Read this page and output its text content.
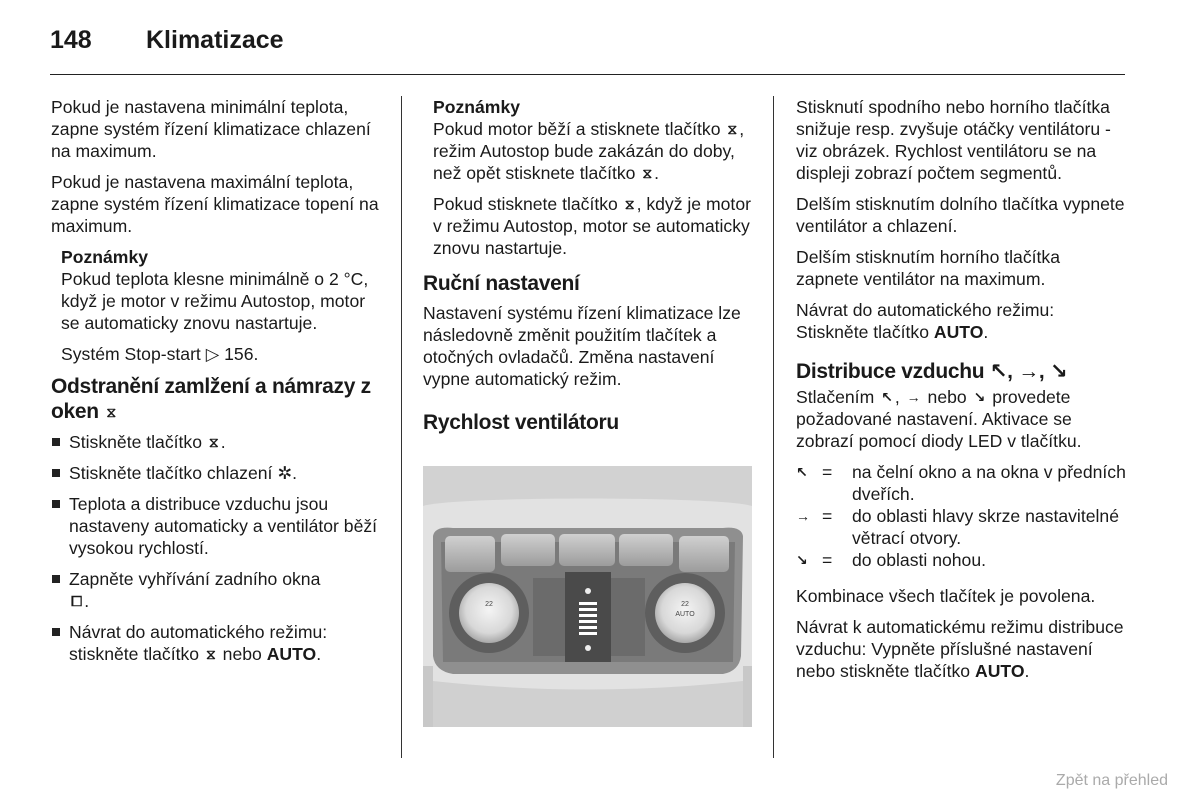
148 Klimatizace

Pokud je nastavena minimální teplota, zapne systém řízení klimatizace chlazení na maximum.

Pokud je nastavena maximální teplota, zapne systém řízení klimatizace topení na maximum.

Poznámky

Pokud teplota klesne minimálně o 2 °C, když je motor v režimu Autostop, motor se automaticky znovu nastartuje.

Systém Stop-start ▷ 156.

Odstranění zamlžení a námrazy z oken ⧖
Stiskněte tlačítko ⧖ .
Stiskněte tlačítko chlazení ✲.
Teplota a distribuce vzduchu jsou nastaveny automaticky a ventilátor běží vysokou rychlostí.
Zapněte vyhřívání zadního okna
⧠ .
Návrat do automatického režimu: stiskněte tlačítko ⧖ nebo AUTO.
Poznámky

Pokud motor běží a stisknete tlačítko ⧖ , režim Autostop bude zakázán do doby, než opět stisknete tlačítko ⧖ .

Pokud stisknete tlačítko ⧖ , když je motor v režimu Autostop, motor se automaticky znovu nastartuje.

Ruční nastavení

Nastavení systému řízení klimatizace lze následovně změnit použitím tlačítek a otočných ovladačů. Změna nastavení vypne automatický režim.

Rychlost ventilátoru
22	22
AUTO

Stisknutí spodního nebo horního tlačítka snižuje resp. zvyšuje otáčky ventilátoru - viz obrázek. Rychlost ventilátoru se na displeji zobrazí počtem segmentů.

Delším stisknutím dolního tlačítka vypnete ventilátor a chlazení.

Delším stisknutím horního tlačítka zapnete ventilátor na maximum.

Návrat do automatického režimu: Stiskněte tlačítko AUTO.

Distribuce vzduchu ↖, →, ↘

Stlačením ↖ , → nebo ↘ provedete požadované nastavení. Aktivace se zobrazí pomocí diody LED v tlačítku.

↖ =	na čelní okno a na okna v předních dveřích.
→ =	do oblasti hlavy skrze nastavitelné větrací otvory.
↘ =	do oblasti nohou.

Kombinace všech tlačítek je povolena.

Návrat k automatickému režimu distribuce vzduchu: Vypněte příslušné nastavení nebo stiskněte tlačítko AUTO.

Zpět na přehled
